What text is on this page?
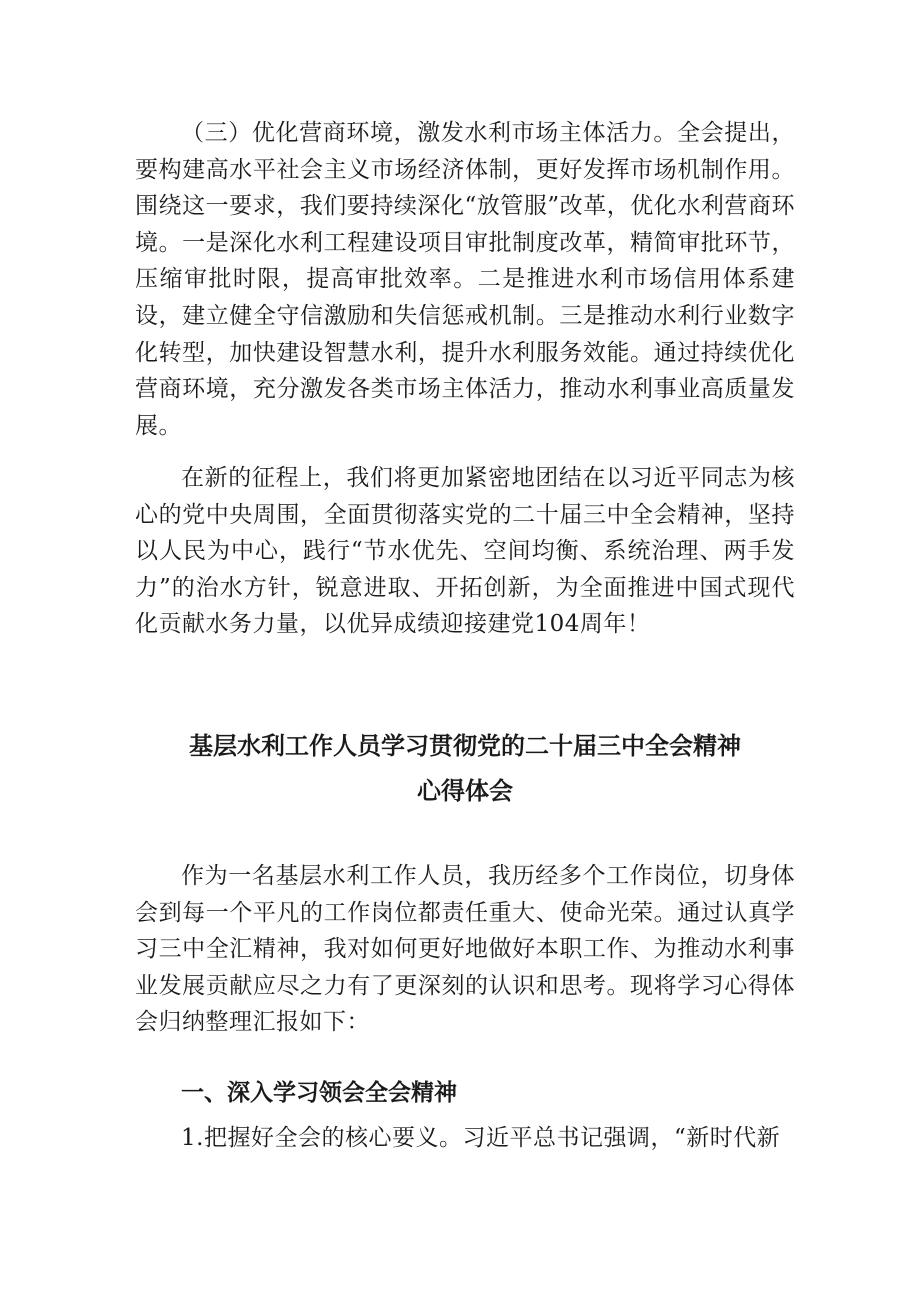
（三）优化营商环境，激发水利市场主体活力。全会提出，要构建高水平社会主义市场经济体制，更好发挥市场机制作用。围绕这一要求，我们要持续深化“放管服”改革，优化水利营商环境。一是深化水利工程建设项目审批制度改革，精简审批环节，压缩审批时限，提高审批效率。二是推进水利市场信用体系建设，建立健全守信激励和失信惩戒机制。三是推动水利行业数字化转型，加快建设智慧水利，提升水利服务效能。通过持续优化营商环境，充分激发各类市场主体活力，推动水利事业高质量发展。

在新的征程上，我们将更加紧密地团结在以习近平同志为核心的党中央周围，全面贯彻落实党的二十届三中全会精神，坚持以人民为中心，践行“节水优先、空间均衡、系统治理、两手发力”的治水方针，锐意进取、开拓创新，为全面推进中国式现代化贡献水务力量，以优异成绩迎接建党104周年！

基层水利工作人员学习贯彻党的二十届三中全会精神
心得体会

作为一名基层水利工作人员，我历经多个工作岗位，切身体会到每一个平凡的工作岗位都责任重大、使命光荣。通过认真学习三中全汇精神，我对如何更好地做好本职工作、为推动水利事业发展贡献应尽之力有了更深刻的认识和思考。现将学习心得体会归纳整理汇报如下：

一、深入学习领会全会精神

1.把握好全会的核心要义。习近平总书记强调，“新时代新
